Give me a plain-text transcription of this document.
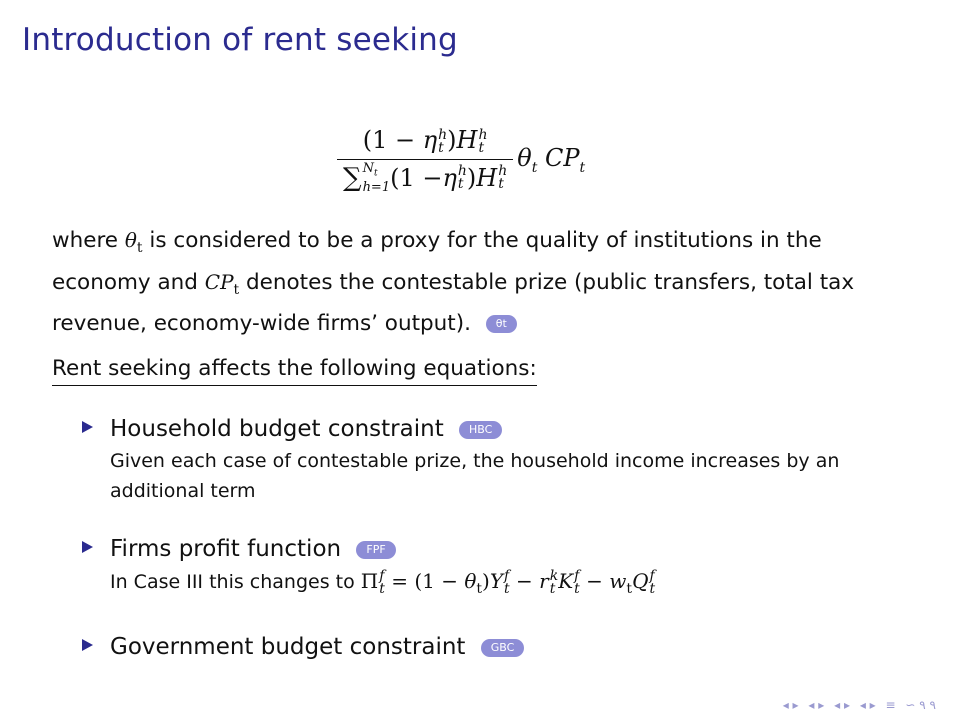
Introduction of rent seeking
(1 − η h
t )H h
t
∑ $N_t$
h=1 (1 − η h
t ) H h
t $\theta_t$ $CP_t$
where $\theta_t$ is considered to be a proxy for the quality of institutions in the economy and $CP_t$ denotes the contestable prize (public transfers, total tax revenue, economy-wide firms’ output). θt
Rent seeking affects the following equations:
Household budget constraint HBC
Given each case of contestable prize, the household income increases by an additional term
Firms profit function FPF
In Case III this changes to Π f
$t = (1 - \theta_t)Y$ f
t − r k
t K f
$t - w_tQ$ f
t
Government budget constraint GBC
◂ ▸ ◂ ▸ ◂ ▸ ◂ ▸ ≡ ∽ ۹ ۹
